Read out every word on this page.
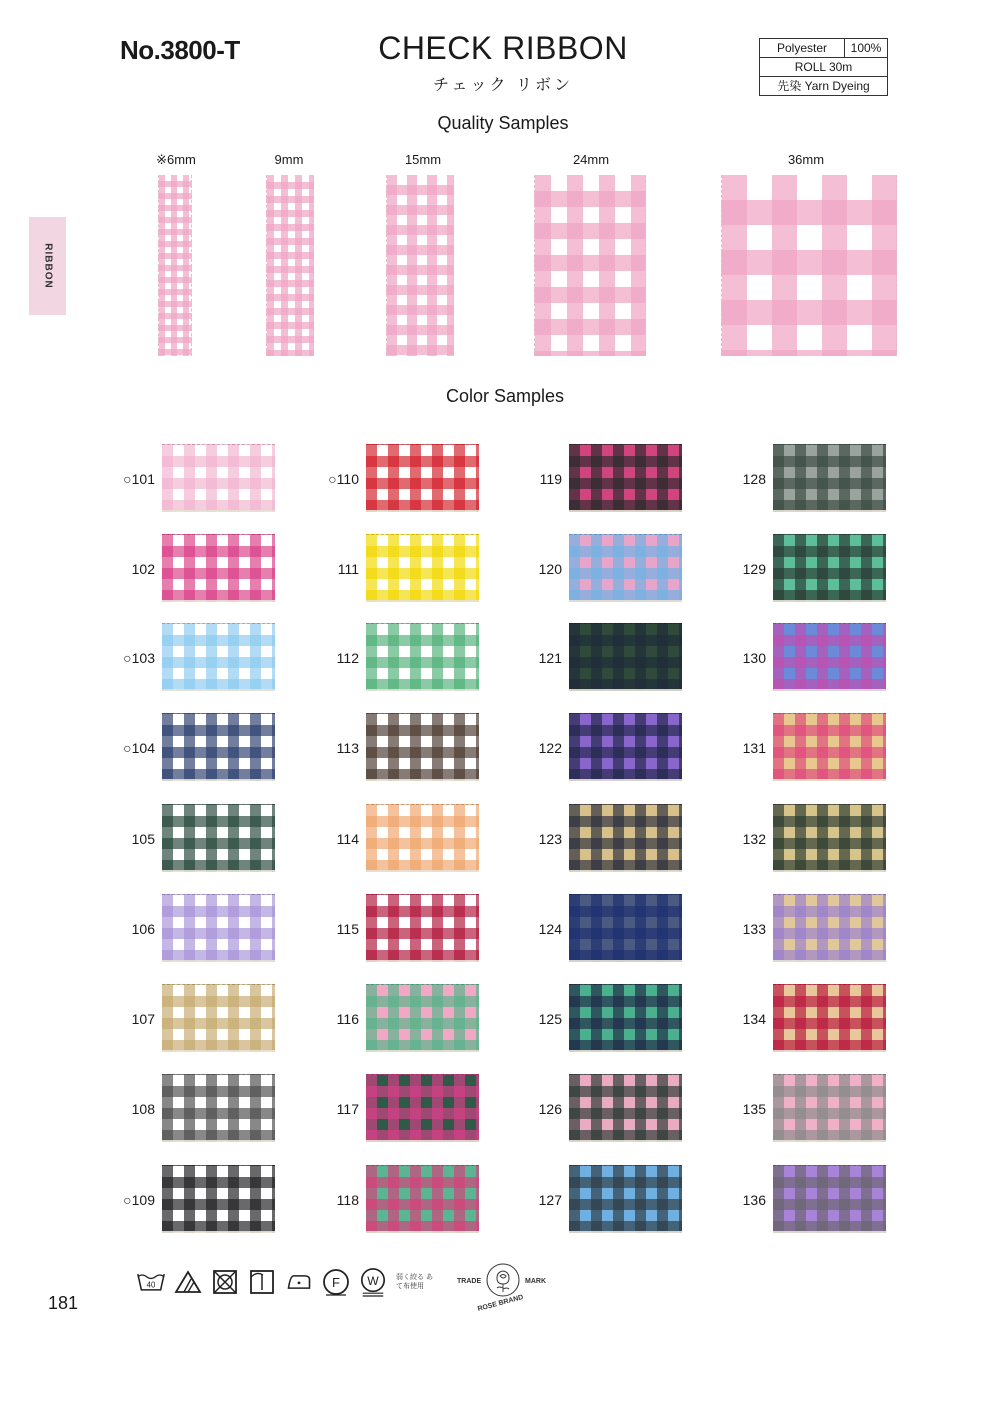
No.3800-T	CHECK RIBBON
チェック リボン
Polyester	100%
ROLL 30m
先染 Yarn Dyeing
RIBBON
Quality Samples
※6mm	9mm	15mm	24mm	36mm
Color Samples
○101
102
○103
○104
105
106
107
108
○109
○110
111
112
113
114
115
116
117
118
119
120
121
122
123
124
125
126
127
128
129
130
131
132
133
134
135
136
40	F W 弱く絞る あて布使用
TRADE	MARK
ROSE BRAND
181
